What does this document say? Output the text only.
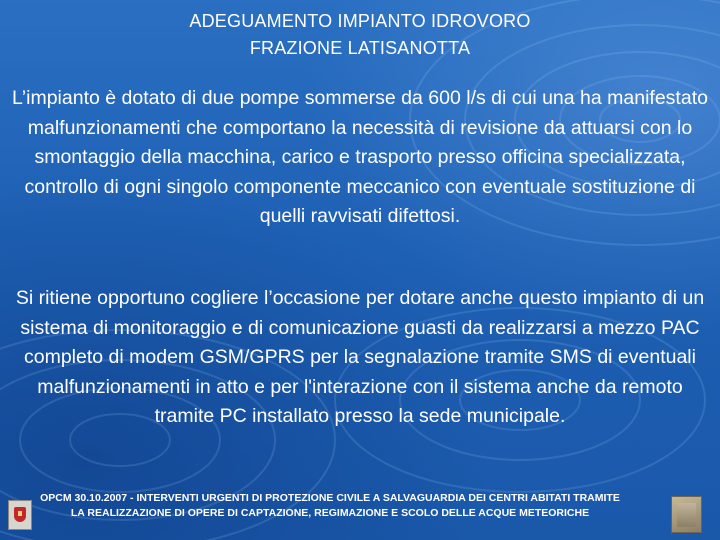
ADEGUAMENTO IMPIANTO IDROVORO
FRAZIONE LATISANOTTA
L’impianto è dotato di due pompe sommerse da 600 l/s di cui una ha manifestato malfunzionamenti che comportano la necessità di revisione da attuarsi con lo smontaggio della macchina, carico e trasporto presso officina specializzata, controllo di ogni singolo componente meccanico con eventuale sostituzione di quelli ravvisati difettosi.
Si ritiene opportuno cogliere l’occasione per dotare anche questo impianto di un sistema di monitoraggio e di comunicazione guasti da realizzarsi a mezzo PAC completo di modem GSM/GPRS per la segnalazione tramite SMS di eventuali malfunzionamenti in atto e per l'interazione con il sistema anche da remoto tramite PC installato presso la sede municipale.
OPCM 30.10.2007 - INTERVENTI URGENTI DI PROTEZIONE CIVILE A SALVAGUARDIA DEI CENTRI ABITATI TRAMITE LA REALIZZAZIONE DI OPERE DI CAPTAZIONE, REGIMAZIONE E SCOLO DELLE ACQUE METEORICHE
